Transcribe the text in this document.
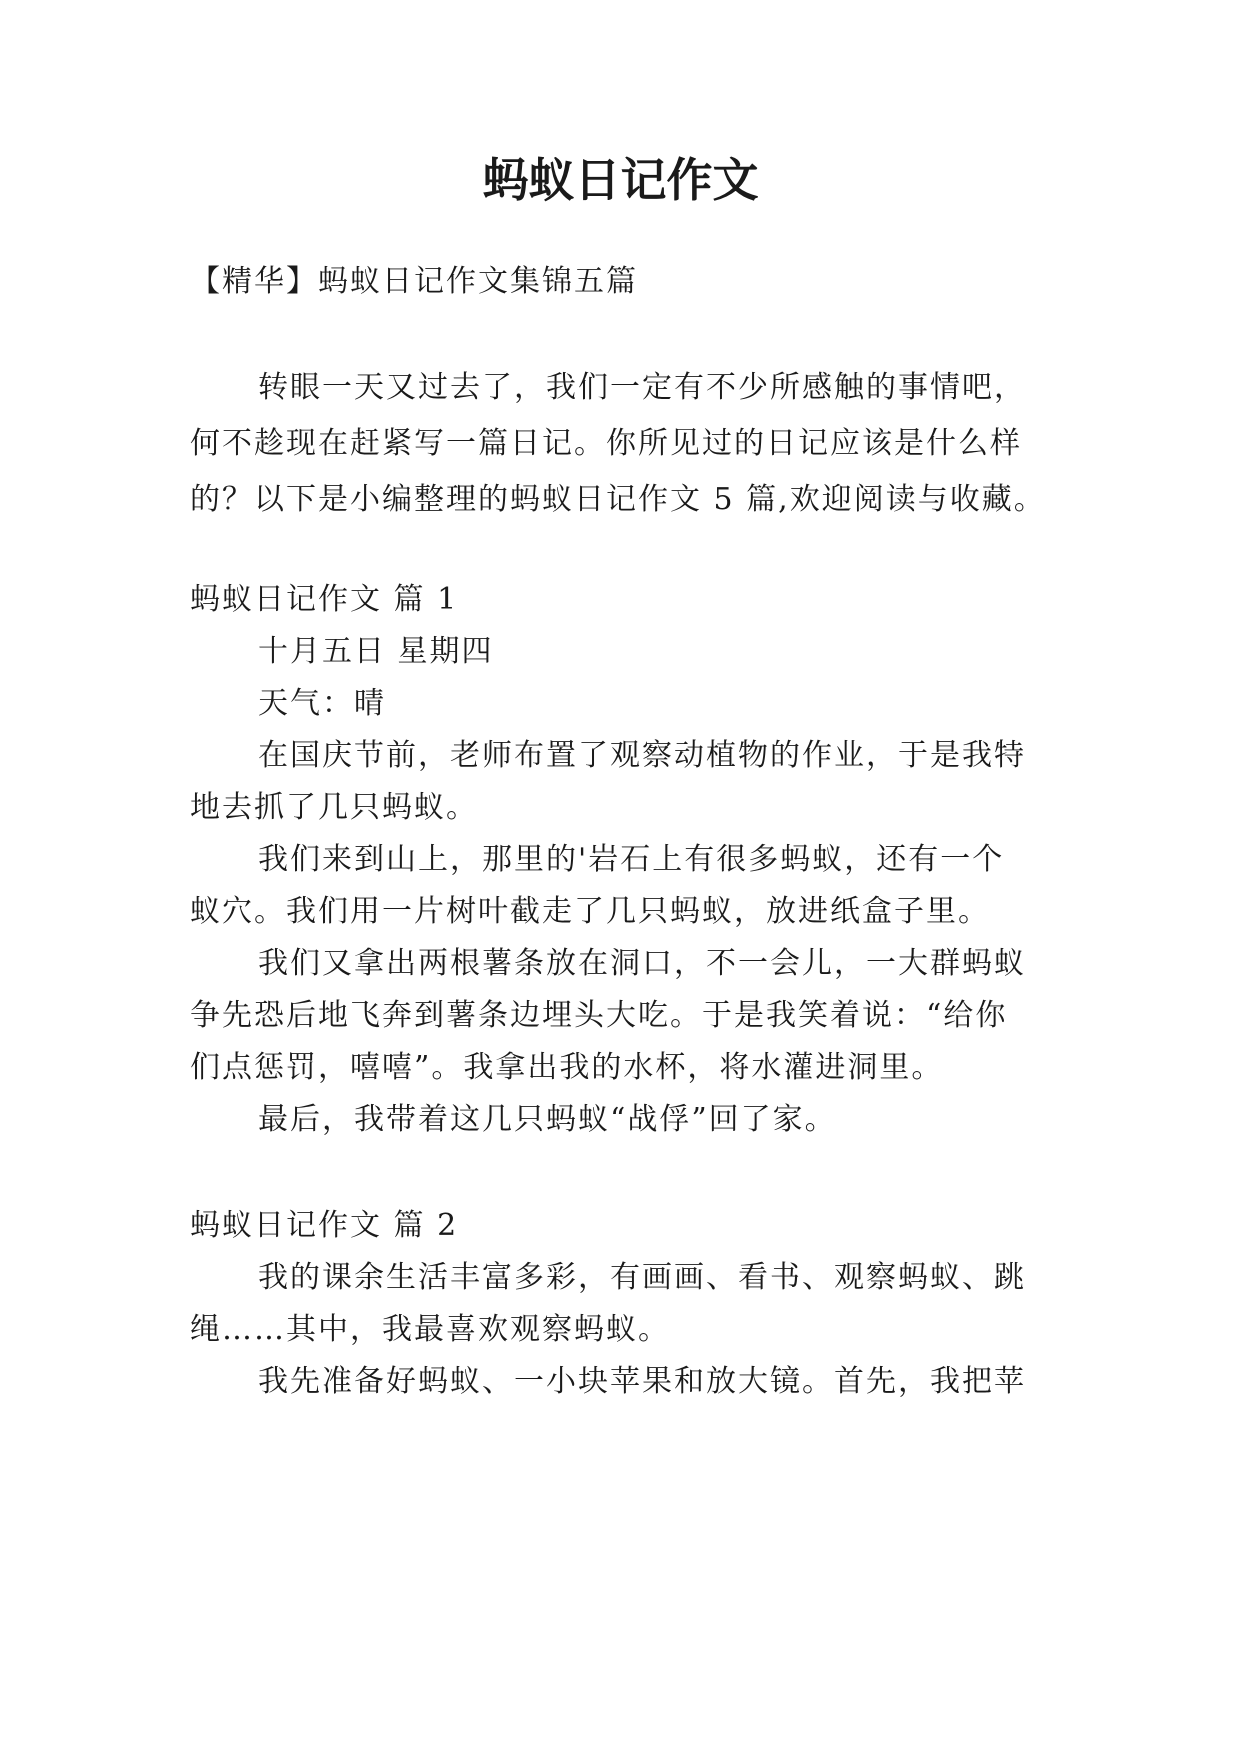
蚂蚁日记作文
【精华】蚂蚁日记作文集锦五篇
转眼一天又过去了，我们一定有不少所感触的事情吧，
何不趁现在赶紧写一篇日记。你所见过的日记应该是什么样
的？以下是小编整理的蚂蚁日记作文 5 篇,欢迎阅读与收藏。
蚂蚁日记作文 篇 1
十月五日 星期四
天气：晴
在国庆节前，老师布置了观察动植物的作业，于是我特
地去抓了几只蚂蚁。
我们来到山上，那里的'岩石上有很多蚂蚁，还有一个
蚁穴。我们用一片树叶截走了几只蚂蚁，放进纸盒子里。
我们又拿出两根薯条放在洞口，不一会儿，一大群蚂蚁
争先恐后地飞奔到薯条边埋头大吃。于是我笑着说：“给你
们点惩罚，嘻嘻”。我拿出我的水杯，将水灌进洞里。
最后，我带着这几只蚂蚁“战俘”回了家。
蚂蚁日记作文 篇 2
我的课余生活丰富多彩，有画画、看书、观察蚂蚁、跳
绳……其中，我最喜欢观察蚂蚁。
我先准备好蚂蚁、一小块苹果和放大镜。首先，我把苹
